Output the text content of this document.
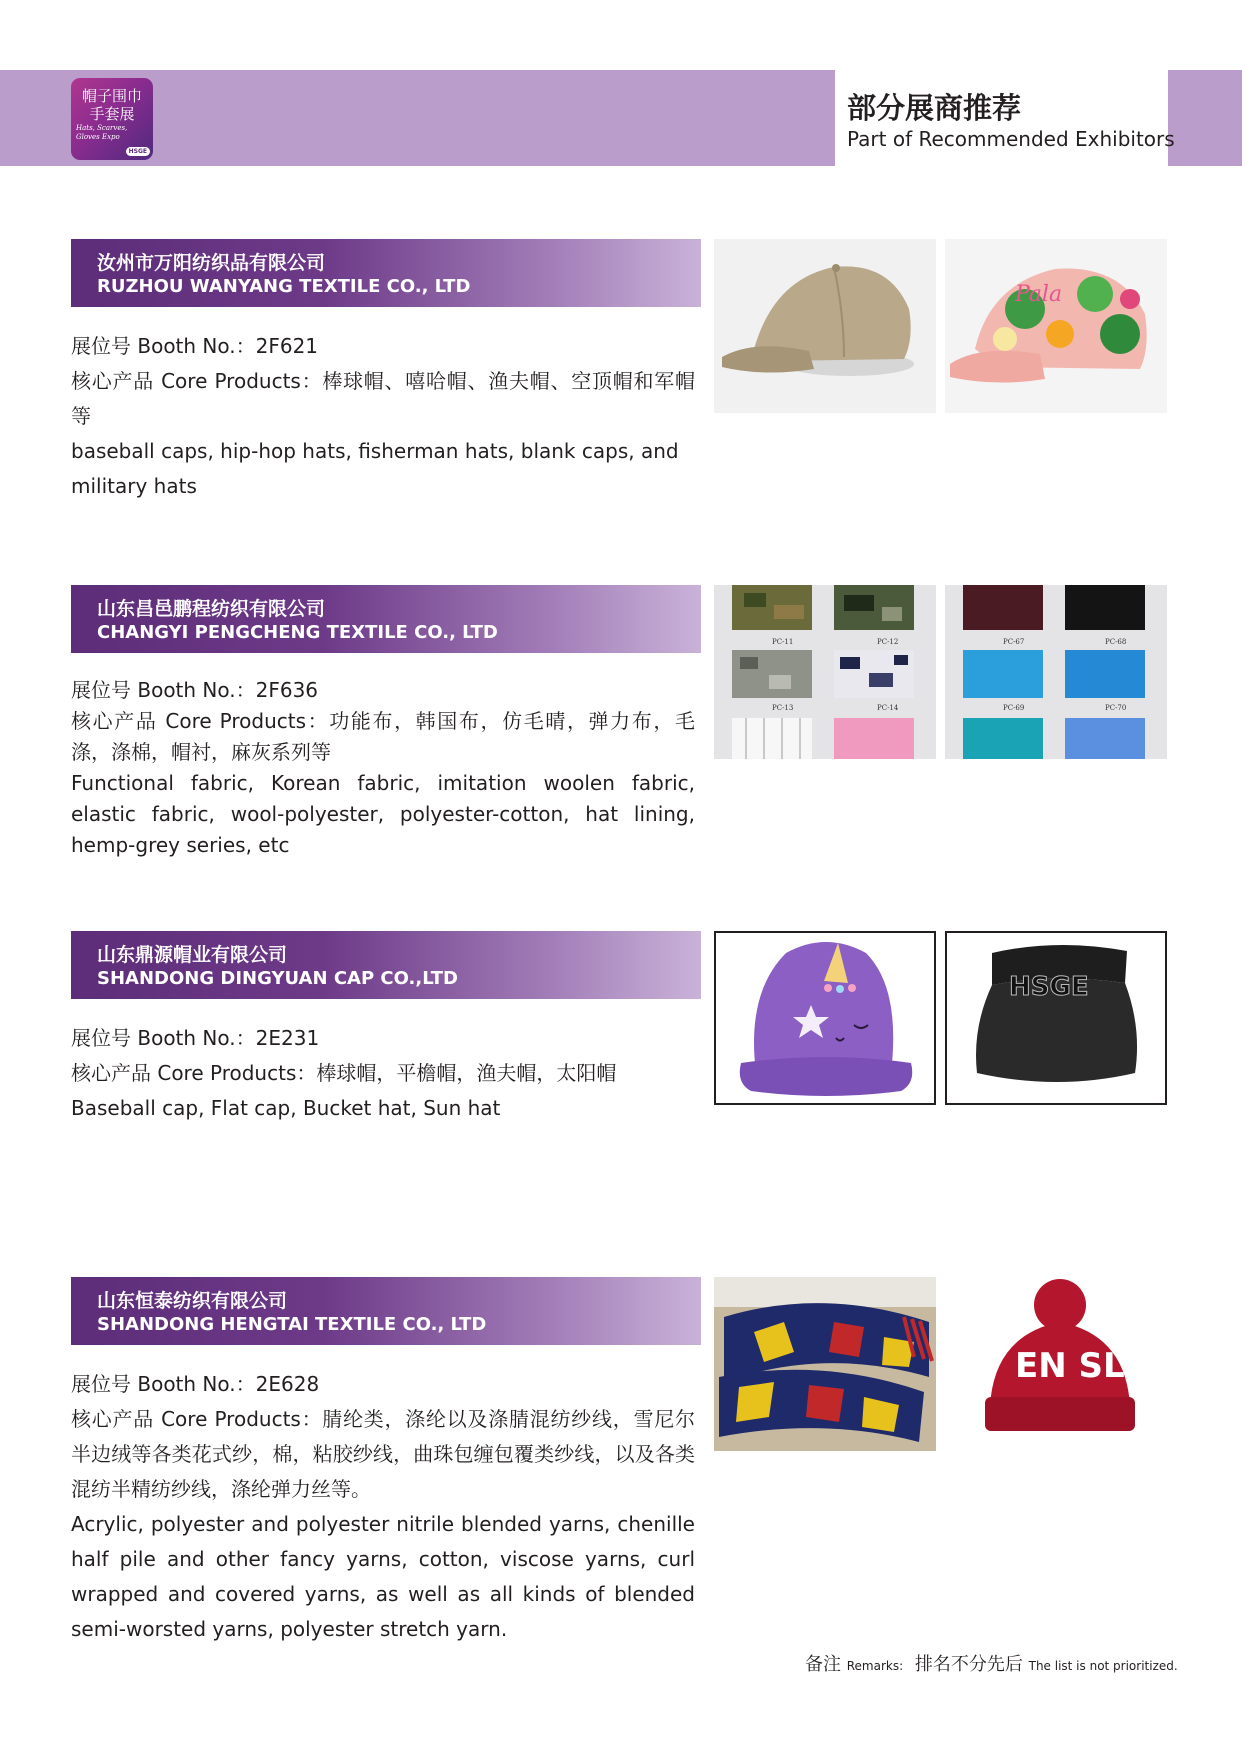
帽子围巾手套展
Hats, Scarves, Gloves Expo
HSGE
部分展商推荐
Part of Recommended Exhibitors
汝州市万阳纺织品有限公司
RUZHOU WANYANG TEXTILE CO., LTD

展位号 Booth No.：2F621

核心产品 Core Products：棒球帽、嘻哈帽、渔夫帽、空顶帽和军帽等

baseball caps, hip-hop hats, fisherman hats, blank caps, and military hats

Pala
山东昌邑鹏程纺织有限公司
CHANGYI PENGCHENG TEXTILE CO., LTD

展位号 Booth No.：2F636

核心产品 Core Products：功能布，韩国布，仿毛晴，弹力布，毛涤，涤棉，帽衬，麻灰系列等

Functional fabric, Korean fabric, imitation woolen fabric, elastic fabric, wool-polyester, polyester-cotton, hat lining, hemp-grey series, etc

PC-11	PC-12
PC-13	PC-14
PC-67	PC-68
PC-69	PC-70
山东鼎源帽业有限公司
SHANDONG DINGYUAN CAP CO.,LTD

展位号 Booth No.：2E231

核心产品 Core Products：棒球帽，平檐帽，渔夫帽，太阳帽

Baseball cap, Flat cap, Bucket hat, Sun hat

HSGE
山东恒泰纺织有限公司
SHANDONG HENGTAI TEXTILE CO., LTD

展位号 Booth No.：2E628

核心产品 Core Products：腈纶类，涤纶以及涤腈混纺纱线，雪尼尔半边绒等各类花式纱，棉，粘胶纱线，曲珠包缠包覆类纱线，以及各类混纺半精纺纱线，涤纶弹力丝等。

Acrylic, polyester and polyester nitrile blended yarns, chenille half pile and other fancy yarns, cotton, viscose yarns, curl wrapped and covered yarns, as well as all kinds of blended semi-worsted yarns, polyester stretch yarn.

EN SL
备注 Remarks: 排名不分先后 The list is not prioritized.
